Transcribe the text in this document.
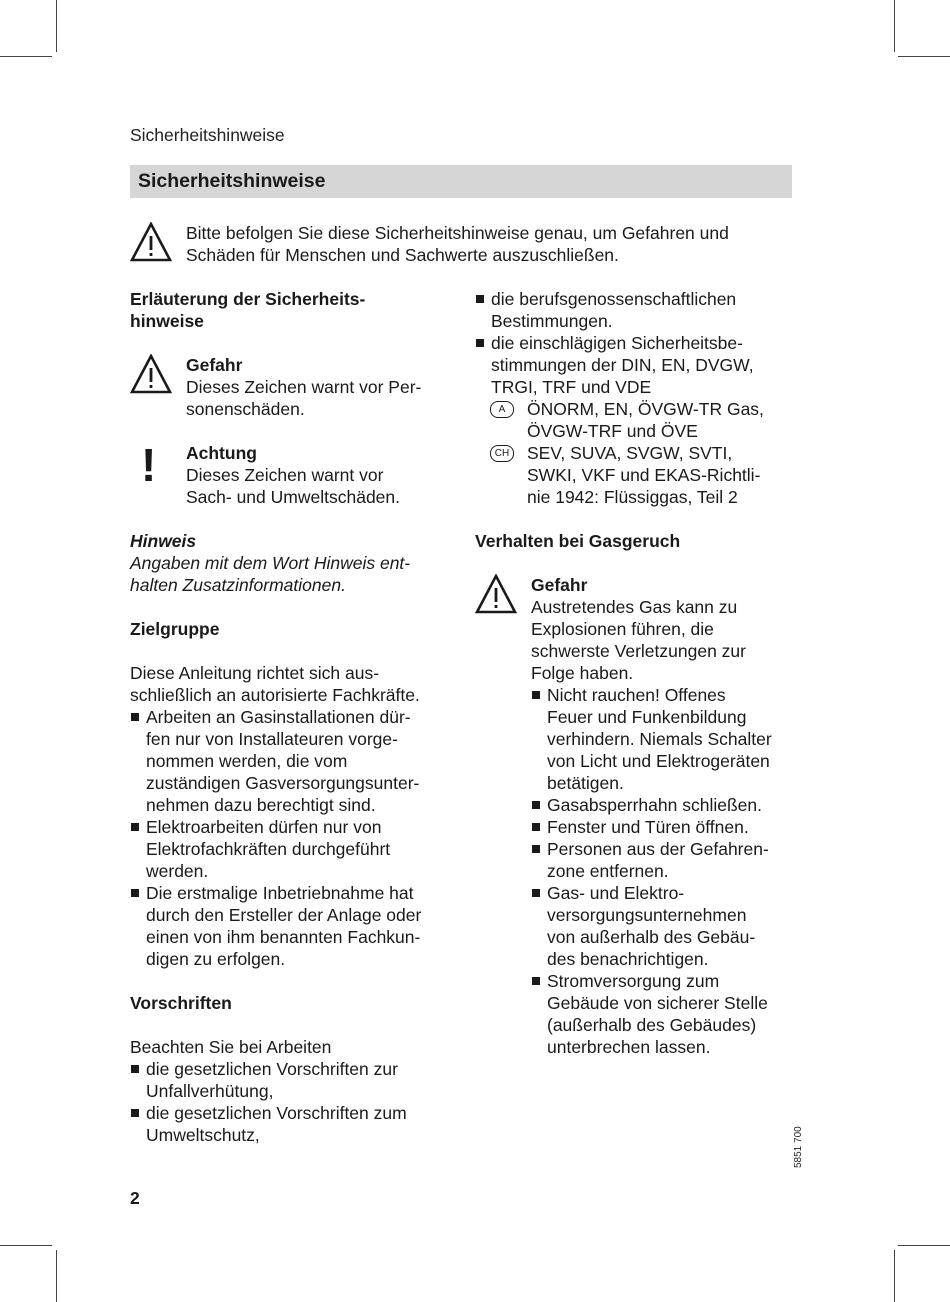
Sicherheitshinweise
Sicherheitshinweise

Bitte befolgen Sie diese Sicherheitshinweise genau, um Gefahren und

Schäden für Menschen und Sachwerte auszuschließen.

Erläuterung der Sicherheits-

hinweise

Gefahr

Dieses Zeichen warnt vor Per-

sonenschäden.

!	Achtung

Dieses Zeichen warnt vor

Sach- und Umweltschäden.

Hinweis

Angaben mit dem Wort Hinweis ent-

halten Zusatzinformationen.

Zielgruppe

Diese Anleitung richtet sich aus-

schließlich an autorisierte Fachkräfte.

Arbeiten an Gasinstallationen dür-
fen nur von Installateuren vorge-
nommen werden, die vom
zuständigen Gasversorgungsunter-
nehmen dazu berechtigt sind.
Elektroarbeiten dürfen nur von
Elektrofachkräften durchgeführt
werden.
Die erstmalige Inbetriebnahme hat
durch den Ersteller der Anlage oder
einen von ihm benannten Fachkun-
digen zu erfolgen.

Vorschriften

Beachten Sie bei Arbeiten

die gesetzlichen Vorschriften zur
Unfallverhütung,
die gesetzlichen Vorschriften zum
Umweltschutz,
die berufsgenossenschaftlichen
Bestimmungen.
die einschlägigen Sicherheitsbe-
stimmungen der DIN, EN, DVGW,
TRGI, TRF und VDE
A	ÖNORM, EN, ÖVGW-TR Gas,
ÖVGW-TRF und ÖVE
CH SEV, SUVA, SVGW, SVTI,
SWKI, VKF und EKAS-Richtli-
nie 1942: Flüssiggas, Teil 2

Verhalten bei Gasgeruch

Gefahr

Austretendes Gas kann zu

Explosionen führen, die

schwerste Verletzungen zur

Folge haben.

Nicht rauchen! Offenes
Feuer und Funkenbildung
verhindern. Niemals Schalter
von Licht und Elektrogeräten
betätigen.
Gasabsperrhahn schließen.
Fenster und Türen öffnen.
Personen aus der Gefahren-
zone entfernen.
Gas- und Elektro-
versorgungsunternehmen
von außerhalb des Gebäu-
des benachrichtigen.
Stromversorgung zum
Gebäude von sicherer Stelle
(außerhalb des Gebäudes)
unterbrechen lassen.
5851 700
2
